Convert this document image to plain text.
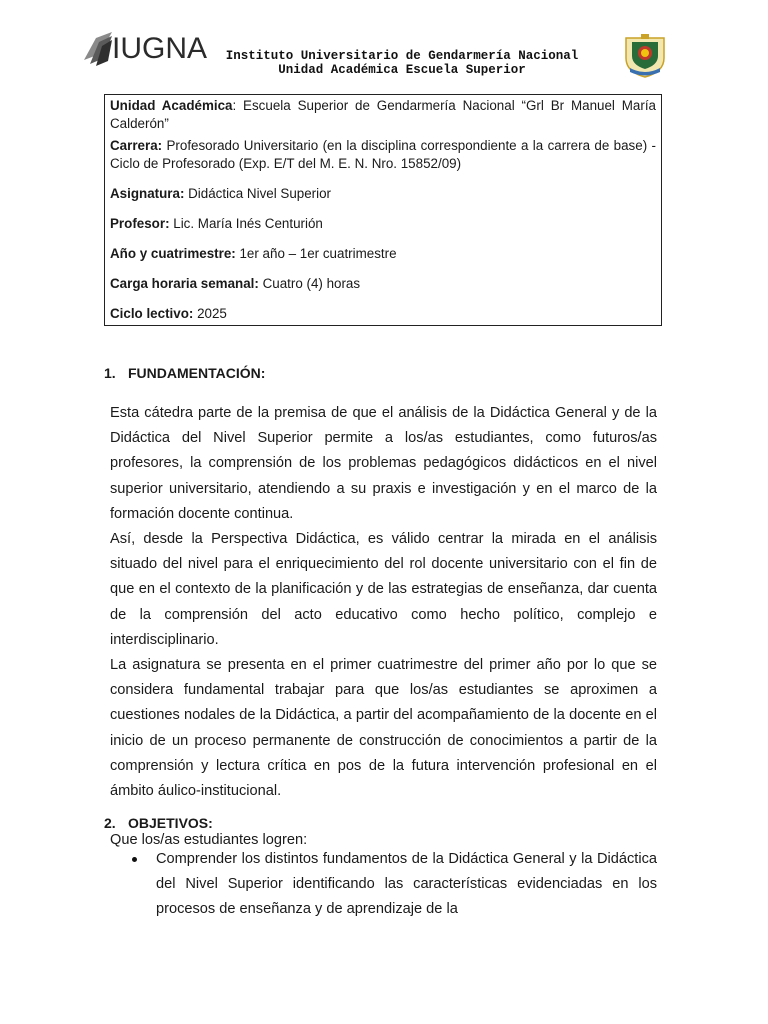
IUGNA	Instituto Universitario de Gendarmería Nacional
Unidad Académica Escuela Superior
Unidad Académica: Escuela Superior de Gendarmería Nacional “Grl Br Manuel María Calderón”
Carrera: Profesorado Universitario (en la disciplina correspondiente a la carrera de base) - Ciclo de Profesorado (Exp. E/T del M. E. N. Nro. 15852/09)
Asignatura: Didáctica Nivel Superior
Profesor: Lic. María Inés Centurión
Año y cuatrimestre: 1er año – 1er cuatrimestre
Carga horaria semanal: Cuatro (4) horas
Ciclo lectivo: 2025
1. FUNDAMENTACIÓN:

Esta cátedra parte de la premisa de que el análisis de la Didáctica General y de la Didáctica del Nivel Superior permite a los/as estudiantes, como futuros/as profesores, la comprensión de los problemas pedagógicos didácticos en el nivel superior universitario, atendiendo a su praxis e investigación y en el marco de la formación docente continua.

Así, desde la Perspectiva Didáctica, es válido centrar la mirada en el análisis situado del nivel para el enriquecimiento del rol docente universitario con el fin de que en el contexto de la planificación y de las estrategias de enseñanza, dar cuenta de la comprensión del acto educativo como hecho político, complejo e interdisciplinario.

La asignatura se presenta en el primer cuatrimestre del primer año por lo que se considera fundamental trabajar para que los/as estudiantes se aproximen a cuestiones nodales de la Didáctica, a partir del acompañamiento de la docente en el inicio de un proceso permanente de construcción de conocimientos a partir de la comprensión y lectura crítica en pos de la futura intervención profesional en el ámbito áulico-institucional.

2. OBJETIVOS:
Que los/as estudiantes logren:
Comprender los distintos fundamentos de la Didáctica General y la Didáctica del Nivel Superior identificando las características evidenciadas en los procesos de enseñanza y de aprendizaje de la
